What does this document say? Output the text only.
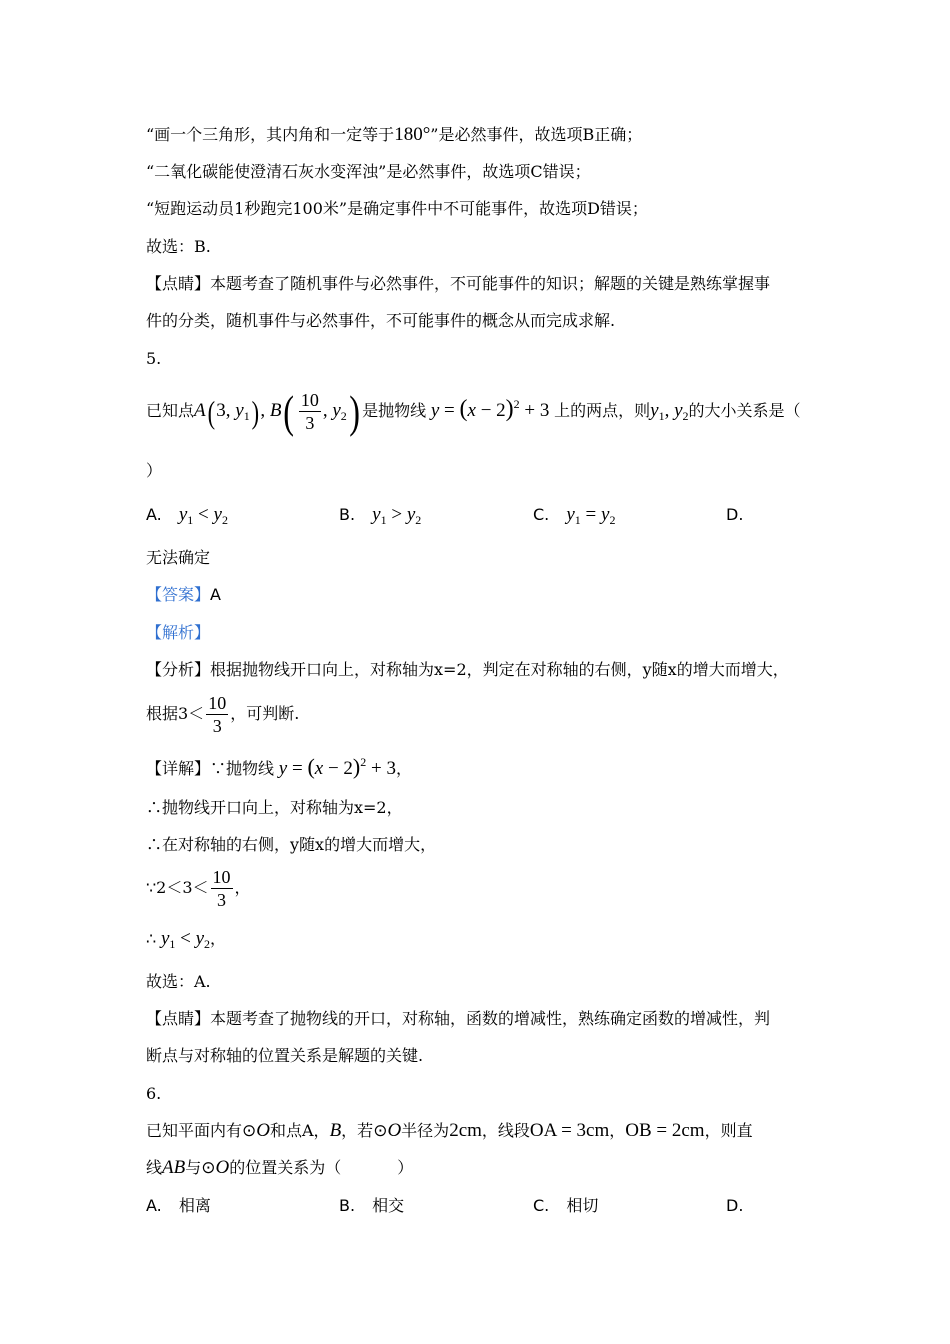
“画一个三角形，其内角和一定等于180°”是必然事件，故选项B正确；
“二氧化碳能使澄清石灰水变浑浊”是必然事件，故选项C错误；
“短跑运动员1秒跑完100米”是确定事件中不可能事件，故选项D错误；
故选：B.
【点睛】本题考查了随机事件与必然事件，不可能事件的知识；解题的关键是熟练掌握事
件的分类，随机事件与必然事件，不可能事件的概念从而完成求解.
5.
已知点A(3, $y_1$), $B( \frac{10}{3}$ , $y_2$) 是抛物线 $y = (x - 2)^2 + 3$ 上的两点，则$y_1$, $y_2$的大小关系是（
）
A. $y_1 < y_2$	B. $y_1 > y_2$	C. $y_1 = y_2$	D.
无法确定
【答案】A
【解析】
【分析】根据抛物线开口向上，对称轴为x=2，判定在对称轴的右侧，y随x的增大而增大，
根据$3< \frac{10}{3}$ ，可判断.
【详解】∵抛物线 $y = (x - 2)^2 + 3$，
∴抛物线开口向上，对称轴为x=2，
∴在对称轴的右侧，y随x的增大而增大，
∵2＜3＜ $\frac{10}{3}$ ，
∴ $y_1 < y_2$，
故选：A.
【点睛】本题考查了抛物线的开口，对称轴，函数的增减性，熟练确定函数的增减性，判
断点与对称轴的位置关系是解题的关键.
6.
已知平面内有⊙O和点A，B，若⊙O半径为2cm，线段OA = 3cm，OB = 2cm，则直
线AB与⊙O的位置关系为（	）
A. 相离	B. 相交	C. 相切	D.
